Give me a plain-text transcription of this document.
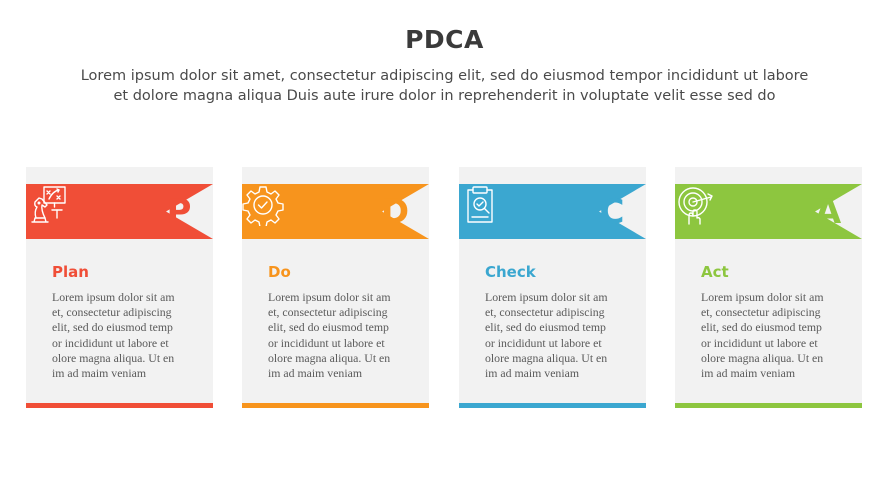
PDCA
Lorem ipsum dolor sit amet, consectetur adipiscing elit, sed do eiusmod tempor incididunt ut labore
et dolore magna aliqua Duis aute irure dolor in reprehenderit in voluptate velit esse sed do
P
Plan
Lorem ipsum dolor sit am
et, consectetur adipiscing
elit, sed do eiusmod temp
or incididunt ut labore et
olore magna aliqua. Ut en
im ad maim veniam
D
Do
Lorem ipsum dolor sit am
et, consectetur adipiscing
elit, sed do eiusmod temp
or incididunt ut labore et
olore magna aliqua. Ut en
im ad maim veniam
C
Check
Lorem ipsum dolor sit am
et, consectetur adipiscing
elit, sed do eiusmod temp
or incididunt ut labore et
olore magna aliqua. Ut en
im ad maim veniam
A
Act
Lorem ipsum dolor sit am
et, consectetur adipiscing
elit, sed do eiusmod temp
or incididunt ut labore et
olore magna aliqua. Ut en
im ad maim veniam
